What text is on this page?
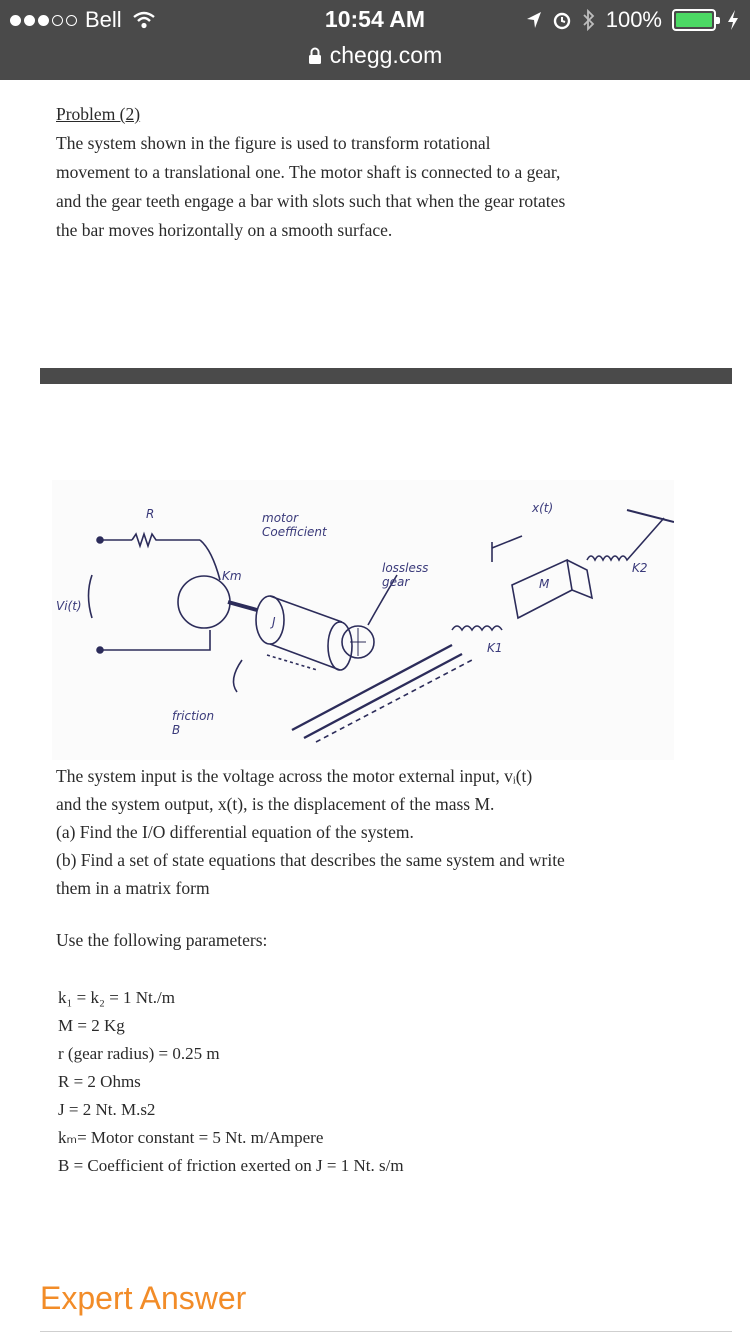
Bell	10:54 AM
chegg.com
100%
Problem (2)
The system shown in the figure is used to transform rotational
movement to a translational one. The motor shaft is connected to a gear,
and the gear teeth engage a bar with slots such that when the gear rotates
the bar moves horizontally on a smooth surface.
R	motor Coefficient
Km
Vi(t)
J
lossless gear
x(t)
M
K2
K1
friction B
The system input is the voltage across the motor external input, vᵢ(t)
and the system output, x(t), is the displacement of the mass M.
(a) Find the I/O differential equation of the system.
(b) Find a set of state equations that describes the same system and write
them in a matrix form
Use the following parameters:
k₁ = k₂ = 1 Nt./m
M = 2 Kg
r (gear radius) = 0.25 m
R = 2 Ohms
J = 2 Nt. M.s2
kₘ= Motor constant = 5 Nt. m/Ampere
B = Coefficient of friction exerted on J = 1 Nt. s/m
Expert Answer
